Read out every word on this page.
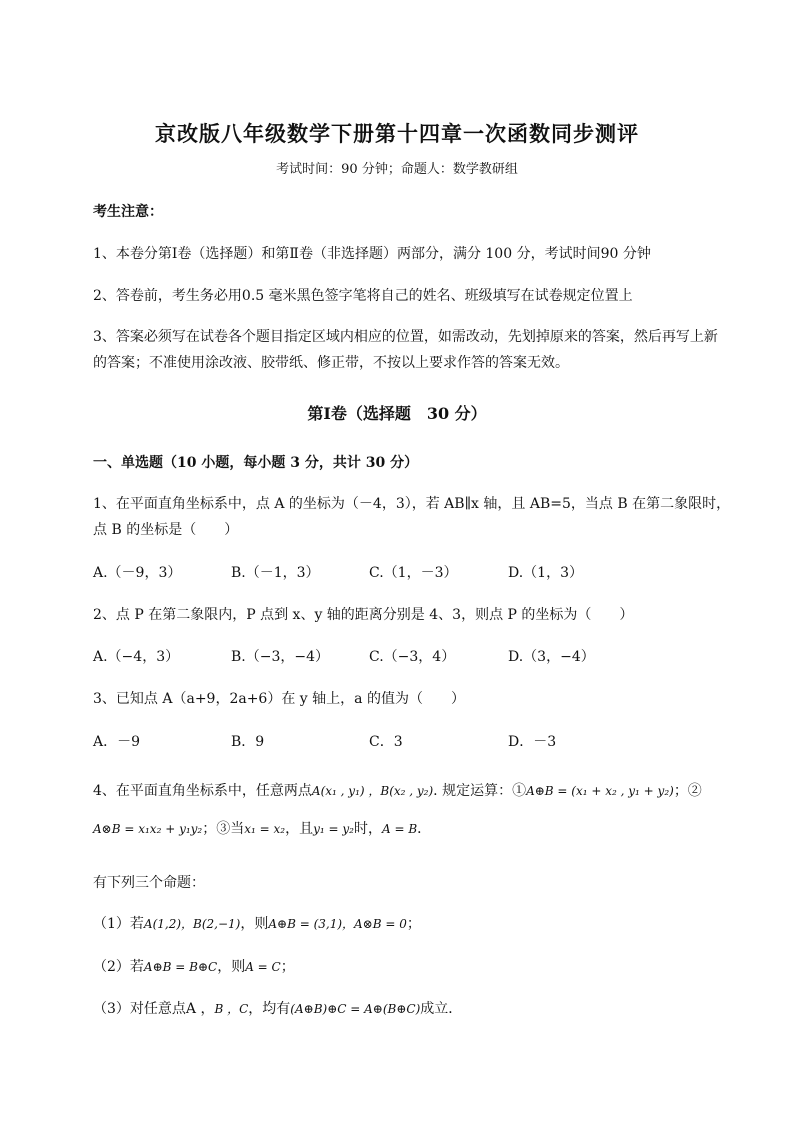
京改版八年级数学下册第十四章一次函数同步测评
考试时间：90 分钟；命题人：数学教研组
考生注意：
1、本卷分第Ⅰ卷（选择题）和第Ⅱ卷（非选择题）两部分，满分 100 分，考试时间90 分钟
2、答卷前，考生务必用0.5 毫米黑色签字笔将自己的姓名、班级填写在试卷规定位置上
3、答案必须写在试卷各个题目指定区域内相应的位置，如需改动，先划掉原来的答案，然后再写上新
的答案；不准使用涂改液、胶带纸、修正带，不按以上要求作答的答案无效。
第Ⅰ卷（选择题　30 分）
一、单选题（10 小题，每小题 3 分，共计 30 分）
1、在平面直角坐标系中，点 A 的坐标为（－4，3），若 AB∥x 轴，且 AB=5，当点 B 在第二象限时，
点 B 的坐标是（　　）
A.（－9，3）	B.（－1，3）	C.（1，－3）	D.（1，3）
2、点 P 在第二象限内，P 点到 x、y 轴的距离分别是 4、3，则点 P 的坐标为（　　）
A.（−4，3）	B.（−3，−4）	C.（−3，4）	D.（3，−4）
3、已知点 A（a+9，2a+6）在 y 轴上，a 的值为（　　）
A．－9	B．9	C．3	D．－3
4、在平面直角坐标系中，任意两点A(x₁ , y₁) ，B(x₂ , y₂). 规定运算：①A⊕B = (x₁ + x₂ , y₁ + y₂)；②
A⊗B = x₁x₂ + y₁y₂；③当x₁ = x₂，且y₁ = y₂时，A = B．
有下列三个命题：
（1）若A(1,2)，B(2,−1)，则A⊕B = (3,1)，A⊗B = 0；
（2）若A⊕B = B⊕C，则A = C；
（3）对任意点A ，B ，C，均有(A⊕B)⊕C = A⊕(B⊕C)成立．
